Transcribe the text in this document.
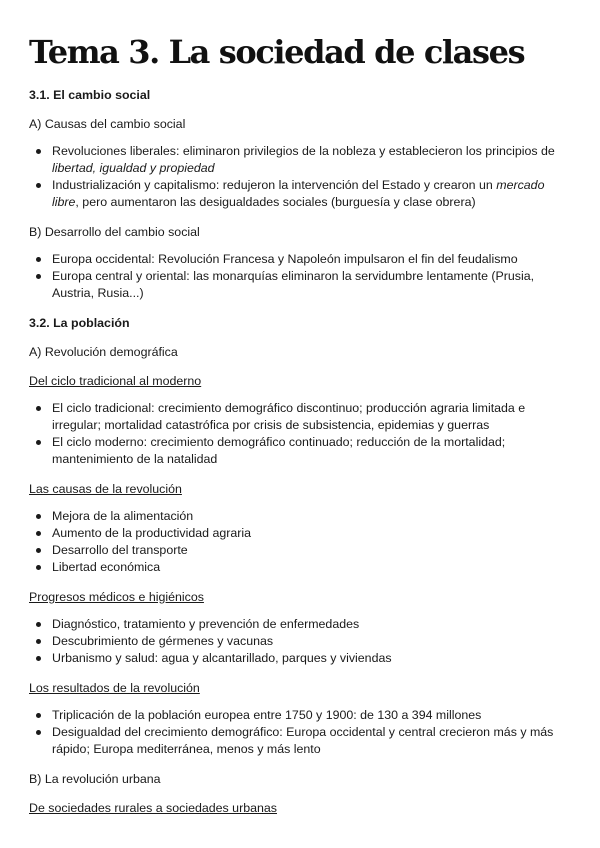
Tema 3. La sociedad de clases
3.1. El cambio social
A) Causas del cambio social
Revoluciones liberales: eliminaron privilegios de la nobleza y establecieron los principios de libertad, igualdad y propiedad
Industrialización y capitalismo: redujeron la intervención del Estado y crearon un mercado libre, pero aumentaron las desigualdades sociales (burguesía y clase obrera)
B) Desarrollo del cambio social
Europa occidental: Revolución Francesa y Napoleón impulsaron el fin del feudalismo
Europa central y oriental: las monarquías eliminaron la servidumbre lentamente (Prusia, Austria, Rusia...)
3.2. La población
A) Revolución demográfica
Del ciclo tradicional al moderno
El ciclo tradicional: crecimiento demográfico discontinuo; producción agraria limitada e irregular; mortalidad catastrófica por crisis de subsistencia, epidemias y guerras
El ciclo moderno: crecimiento demográfico continuado; reducción de la mortalidad; mantenimiento de la natalidad
Las causas de la revolución
Mejora de la alimentación
Aumento de la productividad agraria
Desarrollo del transporte
Libertad económica
Progresos médicos e higiénicos
Diagnóstico, tratamiento y prevención de enfermedades
Descubrimiento de gérmenes y vacunas
Urbanismo y salud: agua y alcantarillado, parques y viviendas
Los resultados de la revolución
Triplicación de la población europea entre 1750 y 1900: de 130 a 394 millones
Desigualdad del crecimiento demográfico: Europa occidental y central crecieron más y más rápido; Europa mediterránea, menos y más lento
B) La revolución urbana
De sociedades rurales a sociedades urbanas
